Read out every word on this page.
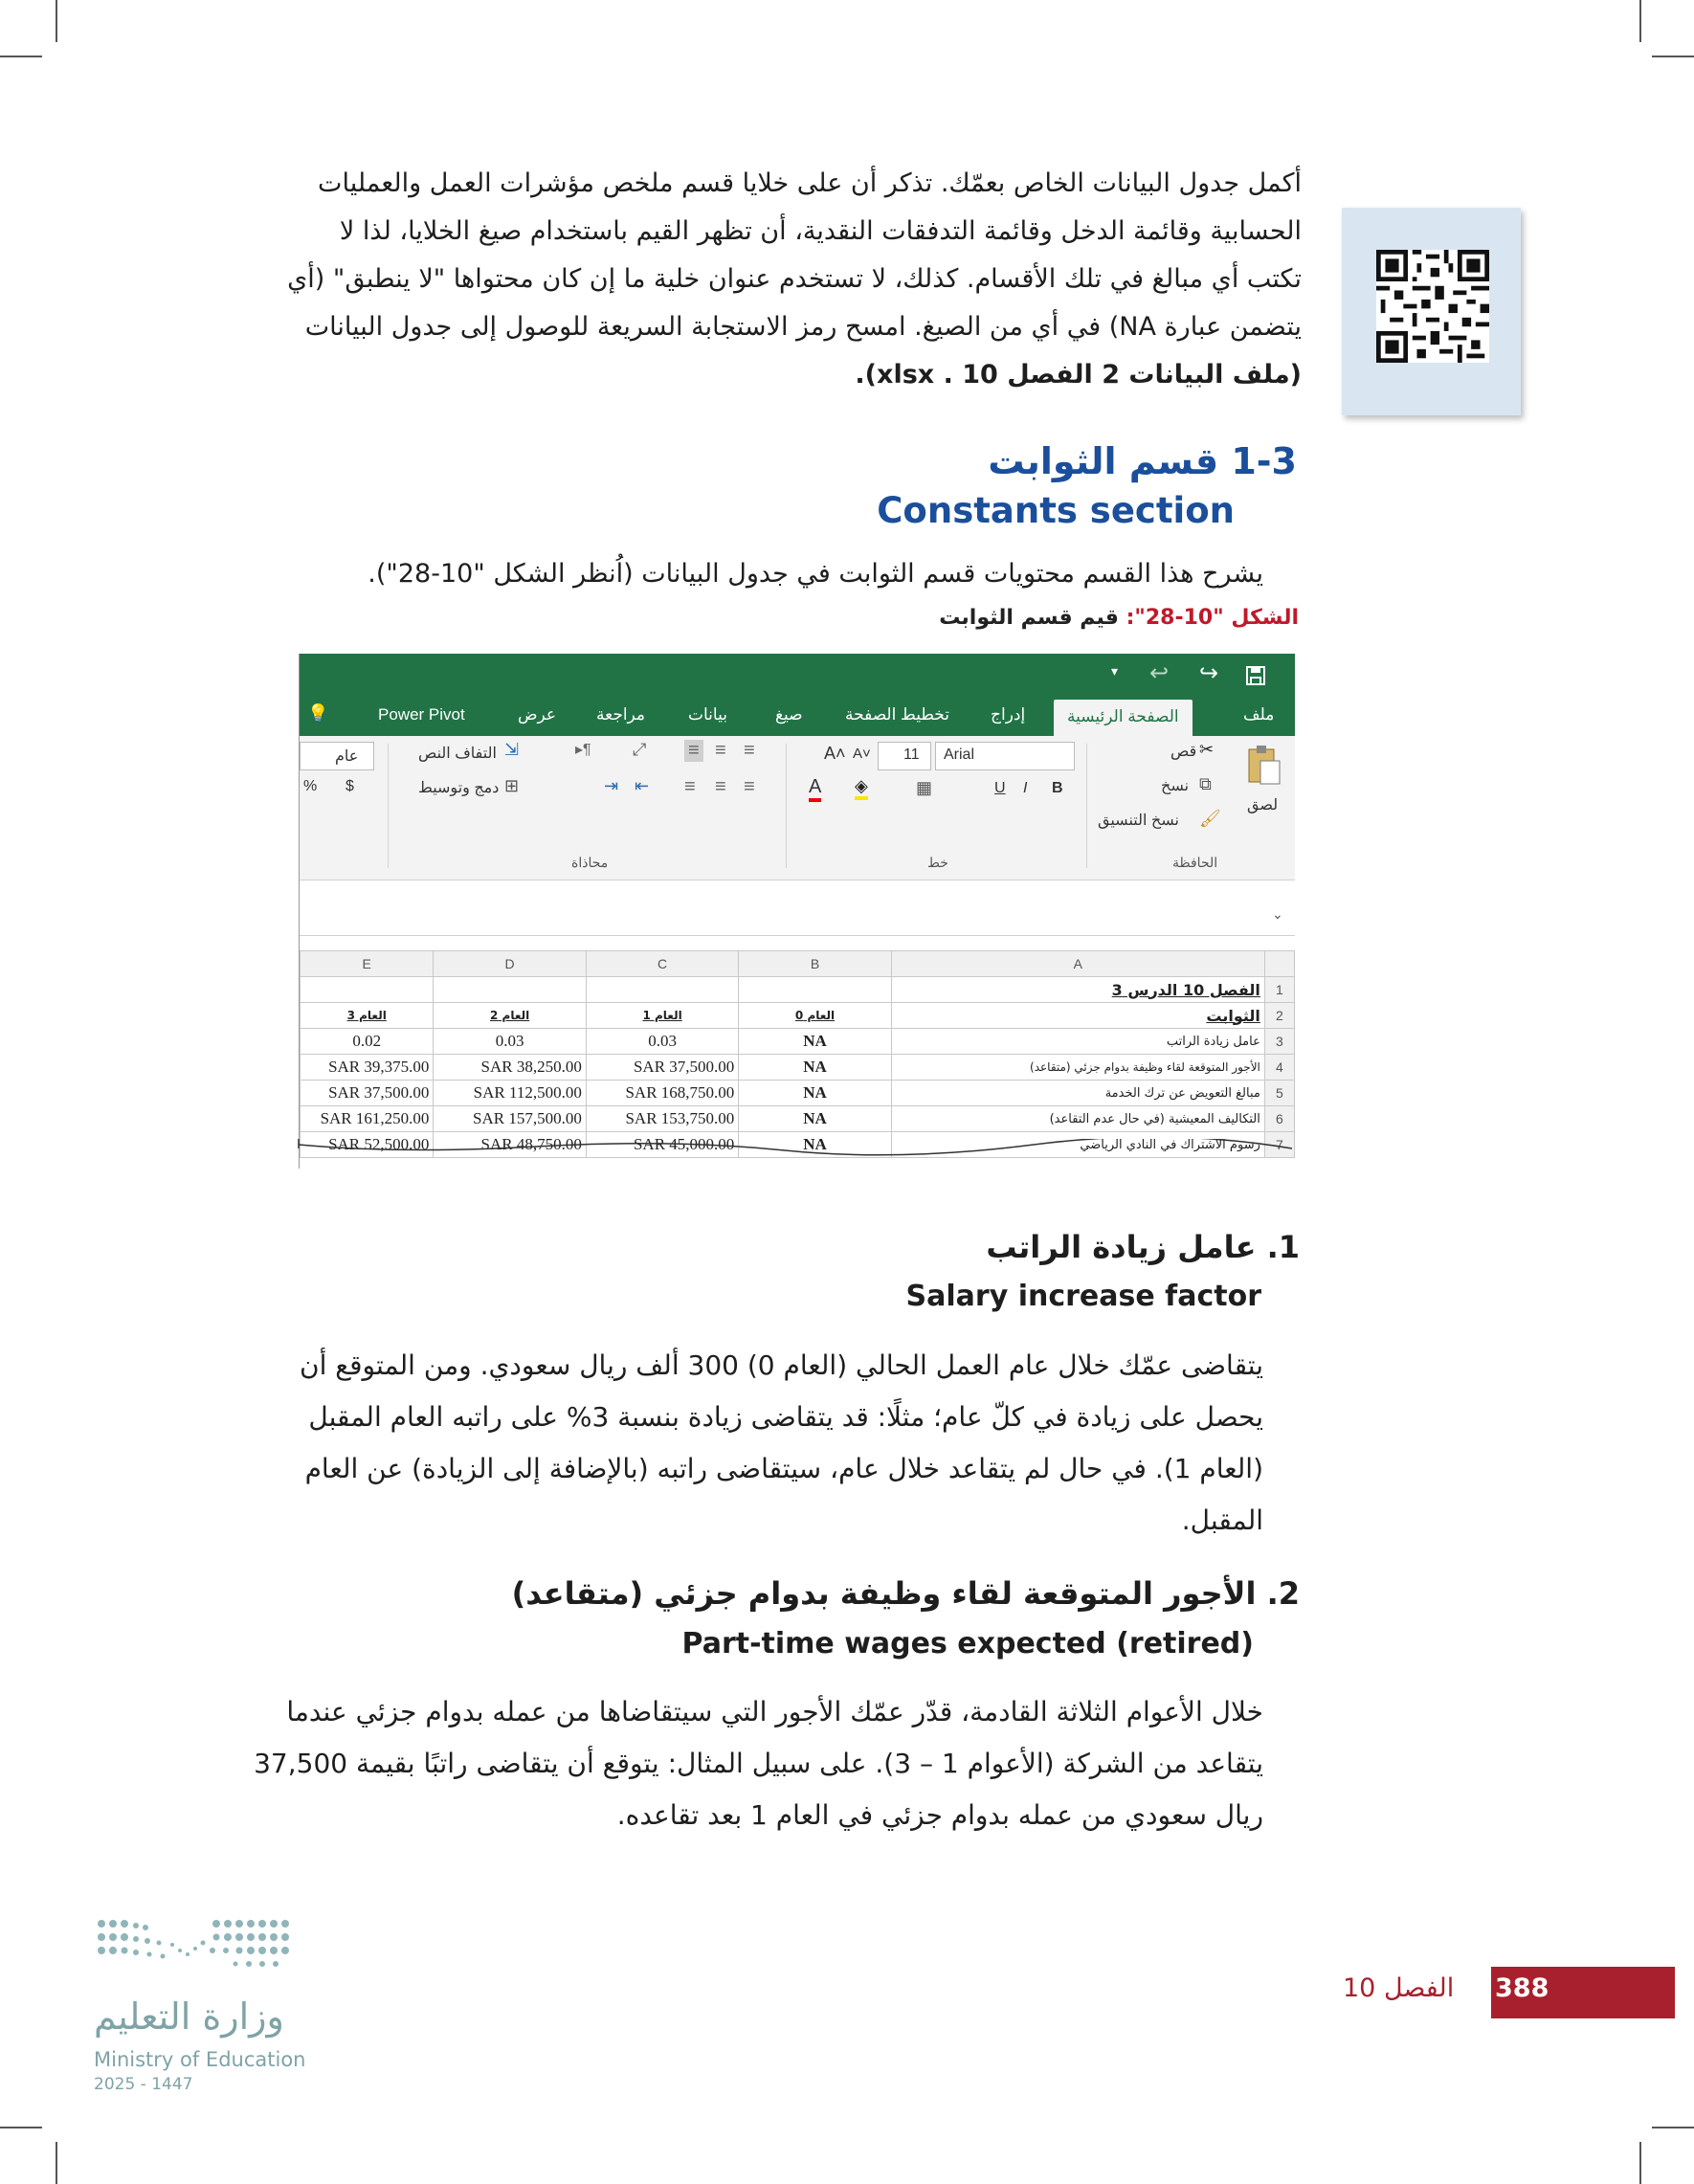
أكمل جدول البيانات الخاص بعمّك. تذكر أن على خلايا قسم ملخص مؤشرات العمل والعمليات
الحسابية وقائمة الدخل وقائمة التدفقات النقدية، أن تظهر القيم باستخدام صيغ الخلايا، لذا لا
تكتب أي مبالغ في تلك الأقسام. كذلك، لا تستخدم عنوان خلية ما إن كان محتواها "لا ينطبق" (أي
يتضمن عبارة NA) في أي من الصيغ. امسح رمز الاستجابة السريعة للوصول إلى جدول البيانات
(ملف البيانات 2 الفصل 10 . xlsx).
1-3 قسم الثوابت
Constants section
يشرح هذا القسم محتويات قسم الثوابت في جدول البيانات (اُنظر الشكل "10-28").
الشكل "10-28": قيم قسم الثوابت
↪
↩
▾
ملف
الصفحة الرئيسية
إدراج
تخطيط الصفحة
صيغ
بيانات
مراجعة
عرض
Power Pivot
💡
لصق
قص ✂
نسخ ⧉
نسخ التنسيق 🖌
الحافظة
Arial
11
A˄ A˅
B
I
U
▦
◈
A
خط
≡
≡
≡
⤢
▸¶
≡
≡
≡
⇤
⇥
التفاف النص ⇲
دمج وتوسيط ⊞
محاذاة
عام
$
%
⌄
E	D	C	B	A	
				الفصل 10 الدرس 3	1
العام 3	العام 2	العام 1	العام 0	الثوابت	2
0.02	0.03	0.03	NA	عامل زيادة الراتب	3
SAR 39,375.00	SAR 38,250.00	SAR 37,500.00	NA	الأجور المتوقعة لقاء وظيفة بدوام جزئي (متقاعد)	4
SAR 37,500.00	SAR 112,500.00	SAR 168,750.00	NA	مبالغ التعويض عن ترك الخدمة	5
SAR 161,250.00	SAR 157,500.00	SAR 153,750.00	NA	التكاليف المعيشية (في حال عدم التقاعد)	6
SAR 52,500.00	SAR 48,750.00	SAR 45,000.00	NA	رسوم الاشتراك في النادي الرياضي	7
1. عامل زيادة الراتب
Salary increase factor
يتقاضى عمّك خلال عام العمل الحالي (العام 0) 300 ألف ريال سعودي. ومن المتوقع أن
يحصل على زيادة في كلّ عام؛ مثلًا: قد يتقاضى زيادة بنسبة 3% على راتبه العام المقبل
(العام 1). في حال لم يتقاعد خلال عام، سيتقاضى راتبه (بالإضافة إلى الزيادة) عن العام
المقبل.
2. الأجور المتوقعة لقاء وظيفة بدوام جزئي (متقاعد)
Part-time wages expected (retired)
خلال الأعوام الثلاثة القادمة، قدّر عمّك الأجور التي سيتقاضاها من عمله بدوام جزئي عندما
يتقاعد من الشركة (الأعوام 1 – 3). على سبيل المثال: يتوقع أن يتقاضى راتبًا بقيمة 37,500
ريال سعودي من عمله بدوام جزئي في العام 1 بعد تقاعده.
388
الفصل 10
وزارة التعليم
Ministry of Education
2025 - 1447
